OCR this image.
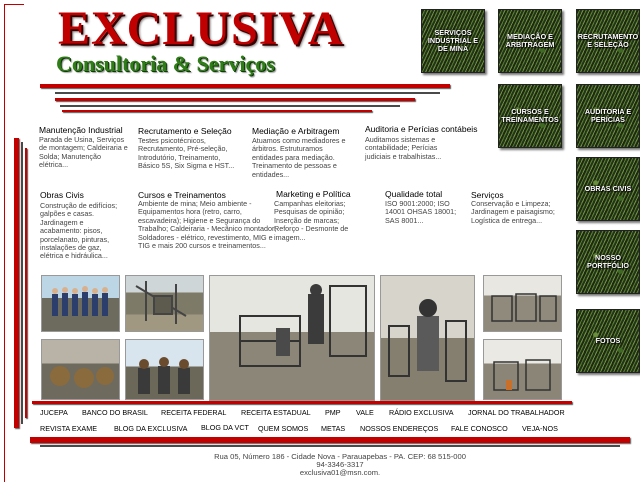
EXCLUSIVA
Consultoria & Serviços
SERVIÇOS INDUSTRIAL E DE MINA
MEDIAÇÃO E ARBITRAGEM
RECRUTAMENTO E SELEÇÃO
CURSOS E TREINAMENTOS
AUDITORIA E PERÍCIAS
OBRAS CIVIS
NOSSO PORTFÓLIO
FOTOS
Manutenção Industrial
Parada de Usina, Serviços de montagem; Caldeiraria e Solda; Manutenção elétrica...
Recrutamento e Seleção
Testes psicotécnicos, Recrutamento, Pré-seleção, Introdutório, Treinamento, Básico 5S, Six Sigma e HST...
Mediação e Arbitragem
Atuamos como mediadores e árbitros. Estruturamos entidades para mediação. Treinamento de pessoas e entidades...
Auditoria e Perícias contábeis
Auditamos sistemas e contabilidade; Perícias judiciais e trabalhistas...
Obras Civis
Construção de edifícios; galpões e casas. Jardinagem e acabamento: pisos, porcelanato, pinturas, instalações de gaz, elétrica e hidráulica...
Cursos e Treinamentos
Ambiente de mina; Meio ambiente - Equipamentos hora (retro, carro, escavadeira); Higiene e Segurança do Trabalho; Caldeiraria - Mecânico montador; Soldadores - elétrico, revestimento, MIG e TIG e mais 200 cursos e treinamentos...
Marketing e Política
Campanhas eleitorias; Pesquisas de opinião; Inserção de marcas; Reforço - Desmonte de imagem...
Qualidade total
ISO 9001:2000; ISO 14001 OHSAS 18001; SAS 8001...
Serviços
Conservação e Limpeza; Jardinagem e paisagismo; Logística de entrega...
JUCEPA BANCO DO BRASIL RECEITA FEDERAL RECEITA ESTADUAL PMP VALE RÁDIO EXCLUSIVA JORNAL DO TRABALHADOR
REVISTA EXAME BLOG DA EXCLUSIVA BLOG DA VCT QUEM SOMOS METAS NOSSOS ENDEREÇOS FALE CONOSCO VEJA-NOS
Rua 05, Número 186 - Cidade Nova - Parauapebas - PA. CEP: 68 515-000
94-3346-3317
exclusiva01@msn.com.
